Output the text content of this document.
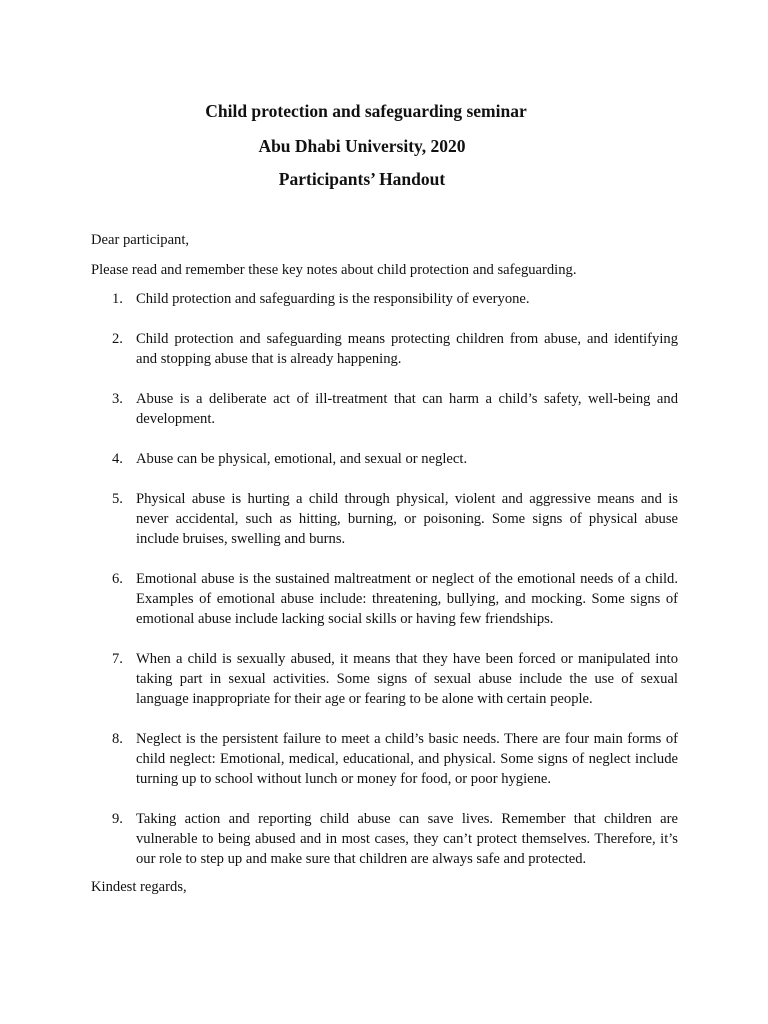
Child protection and safeguarding seminar
Abu Dhabi University, 2020
Participants’ Handout
Dear participant,
Please read and remember these key notes about child protection and safeguarding.
1. Child protection and safeguarding is the responsibility of everyone.
2. Child protection and safeguarding means protecting children from abuse, and identifying and stopping abuse that is already happening.
3. Abuse is a deliberate act of ill-treatment that can harm a child’s safety, well-being and development.
4. Abuse can be physical, emotional, and sexual or neglect.
5. Physical abuse is hurting a child through physical, violent and aggressive means and is never accidental, such as hitting, burning, or poisoning. Some signs of physical abuse include bruises, swelling and burns.
6. Emotional abuse is the sustained maltreatment or neglect of the emotional needs of a child. Examples of emotional abuse include: threatening, bullying, and mocking. Some signs of emotional abuse include lacking social skills or having few friendships.
7. When a child is sexually abused, it means that they have been forced or manipulated into taking part in sexual activities. Some signs of sexual abuse include the use of sexual language inappropriate for their age or fearing to be alone with certain people.
8. Neglect is the persistent failure to meet a child’s basic needs. There are four main forms of child neglect: Emotional, medical, educational, and physical. Some signs of neglect include turning up to school without lunch or money for food, or poor hygiene.
9. Taking action and reporting child abuse can save lives. Remember that children are vulnerable to being abused and in most cases, they can’t protect themselves. Therefore, it’s our role to step up and make sure that children are always safe and protected.
Kindest regards,
